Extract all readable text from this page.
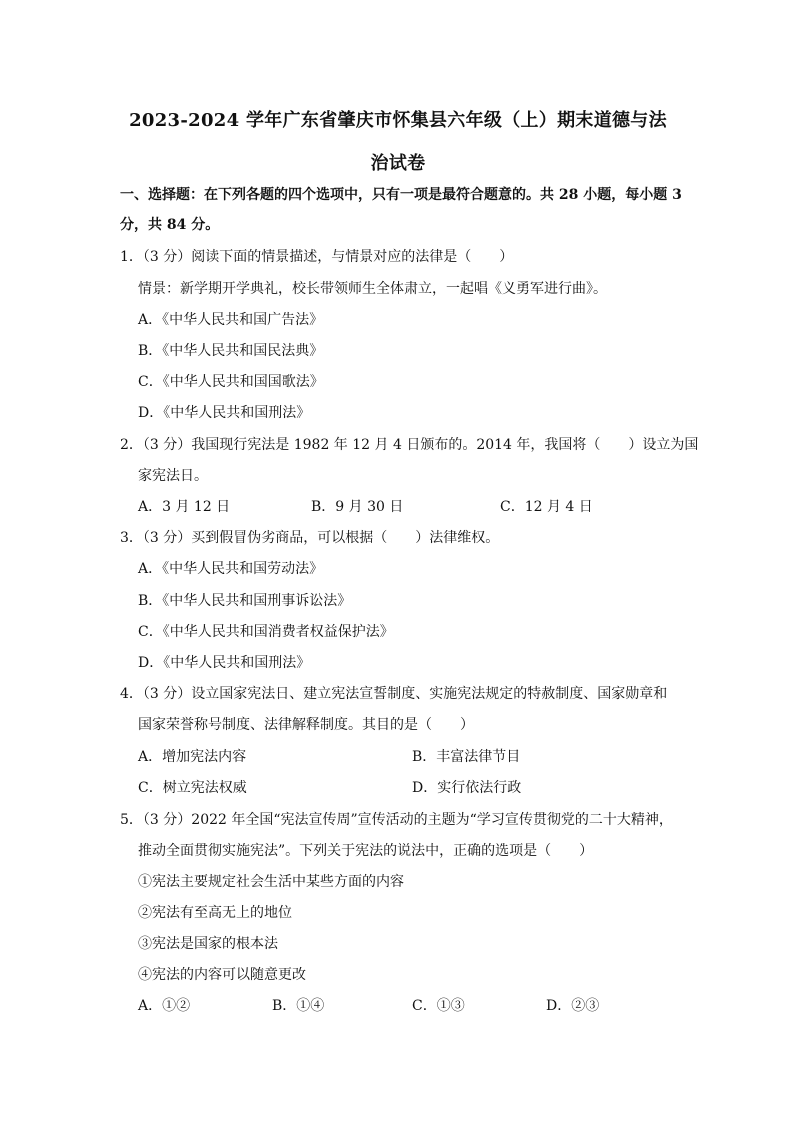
2023-2024 学年广东省肇庆市怀集县六年级（上）期末道德与法
治试卷
一、选择题：在下列各题的四个选项中，只有一项是最符合题意的。共 28 小题，每小题 3
分，共 84 分。
1．（3 分）阅读下面的情景描述，与情景对应的法律是（　　）
情景：新学期开学典礼，校长带领师生全体肃立，一起唱《义勇军进行曲》。
A．《中华人民共和国广告法》
B．《中华人民共和国民法典》
C．《中华人民共和国国歌法》
D．《中华人民共和国刑法》
2．（3 分）我国现行宪法是 1982 年 12 月 4 日颁布的。2014 年，我国将（　　）设立为国
家宪法日。
A．3 月 12 日	B．9 月 30 日	C．12 月 4 日
3．（3 分）买到假冒伪劣商品，可以根据（　　）法律维权。
A．《中华人民共和国劳动法》
B．《中华人民共和国刑事诉讼法》
C．《中华人民共和国消费者权益保护法》
D．《中华人民共和国刑法》
4．（3 分）设立国家宪法日、建立宪法宣誓制度、实施宪法规定的特赦制度、国家勋章和
国家荣誉称号制度、法律解释制度。其目的是（　　）
A．增加宪法内容	B．丰富法律节目
C．树立宪法权威	D．实行依法行政
5．（3 分）2022 年全国“宪法宣传周”宣传活动的主题为“学习宣传贯彻党的二十大精神，
推动全面贯彻实施宪法”。下列关于宪法的说法中，正确的选项是（　　）
①宪法主要规定社会生活中某些方面的内容
②宪法有至高无上的地位
③宪法是国家的根本法
④宪法的内容可以随意更改
A．①②	B．①④	C．①③	D．②③
